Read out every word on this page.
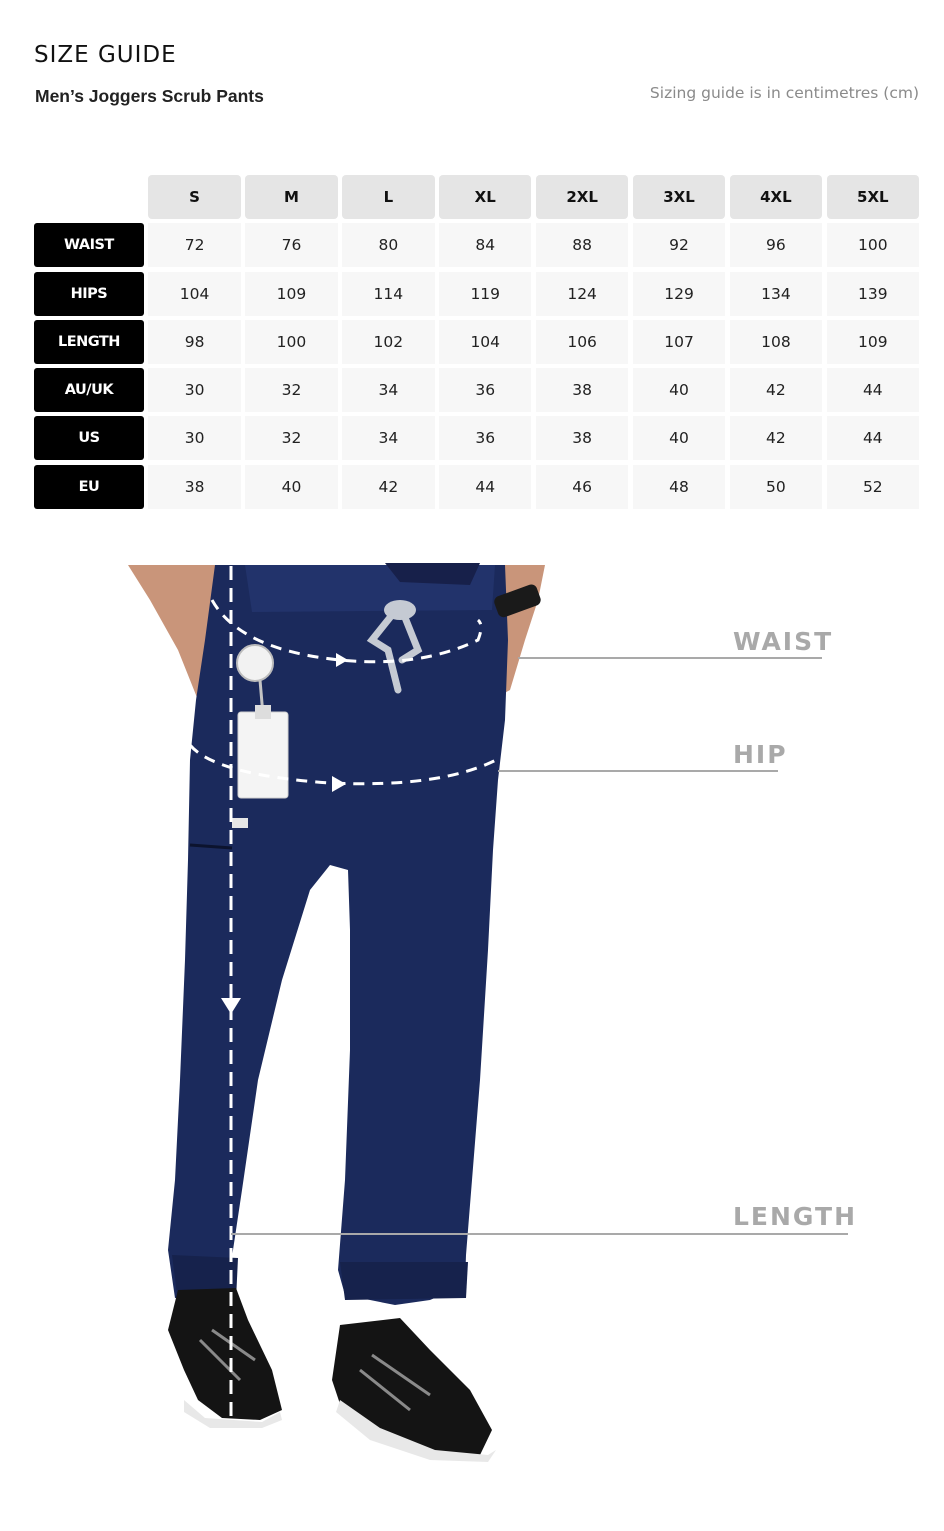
SIZE GUIDE
Men’s Joggers Scrub Pants	Sizing guide is in centimetres (cm)
S	M	L	XL	2XL	3XL	4XL	5XL
WAIST	72	76	80	84	88	92	96	100
HIPS	104	109	114	119	124	129	134	139
LENGTH	98	100	102	104	106	107	108	109
AU/UK	30	32	34	36	38	40	42	44
US	30	32	34	36	38	40	42	44
EU	38	40	42	44	46	48	50	52
WAIST
HIP
LENGTH
